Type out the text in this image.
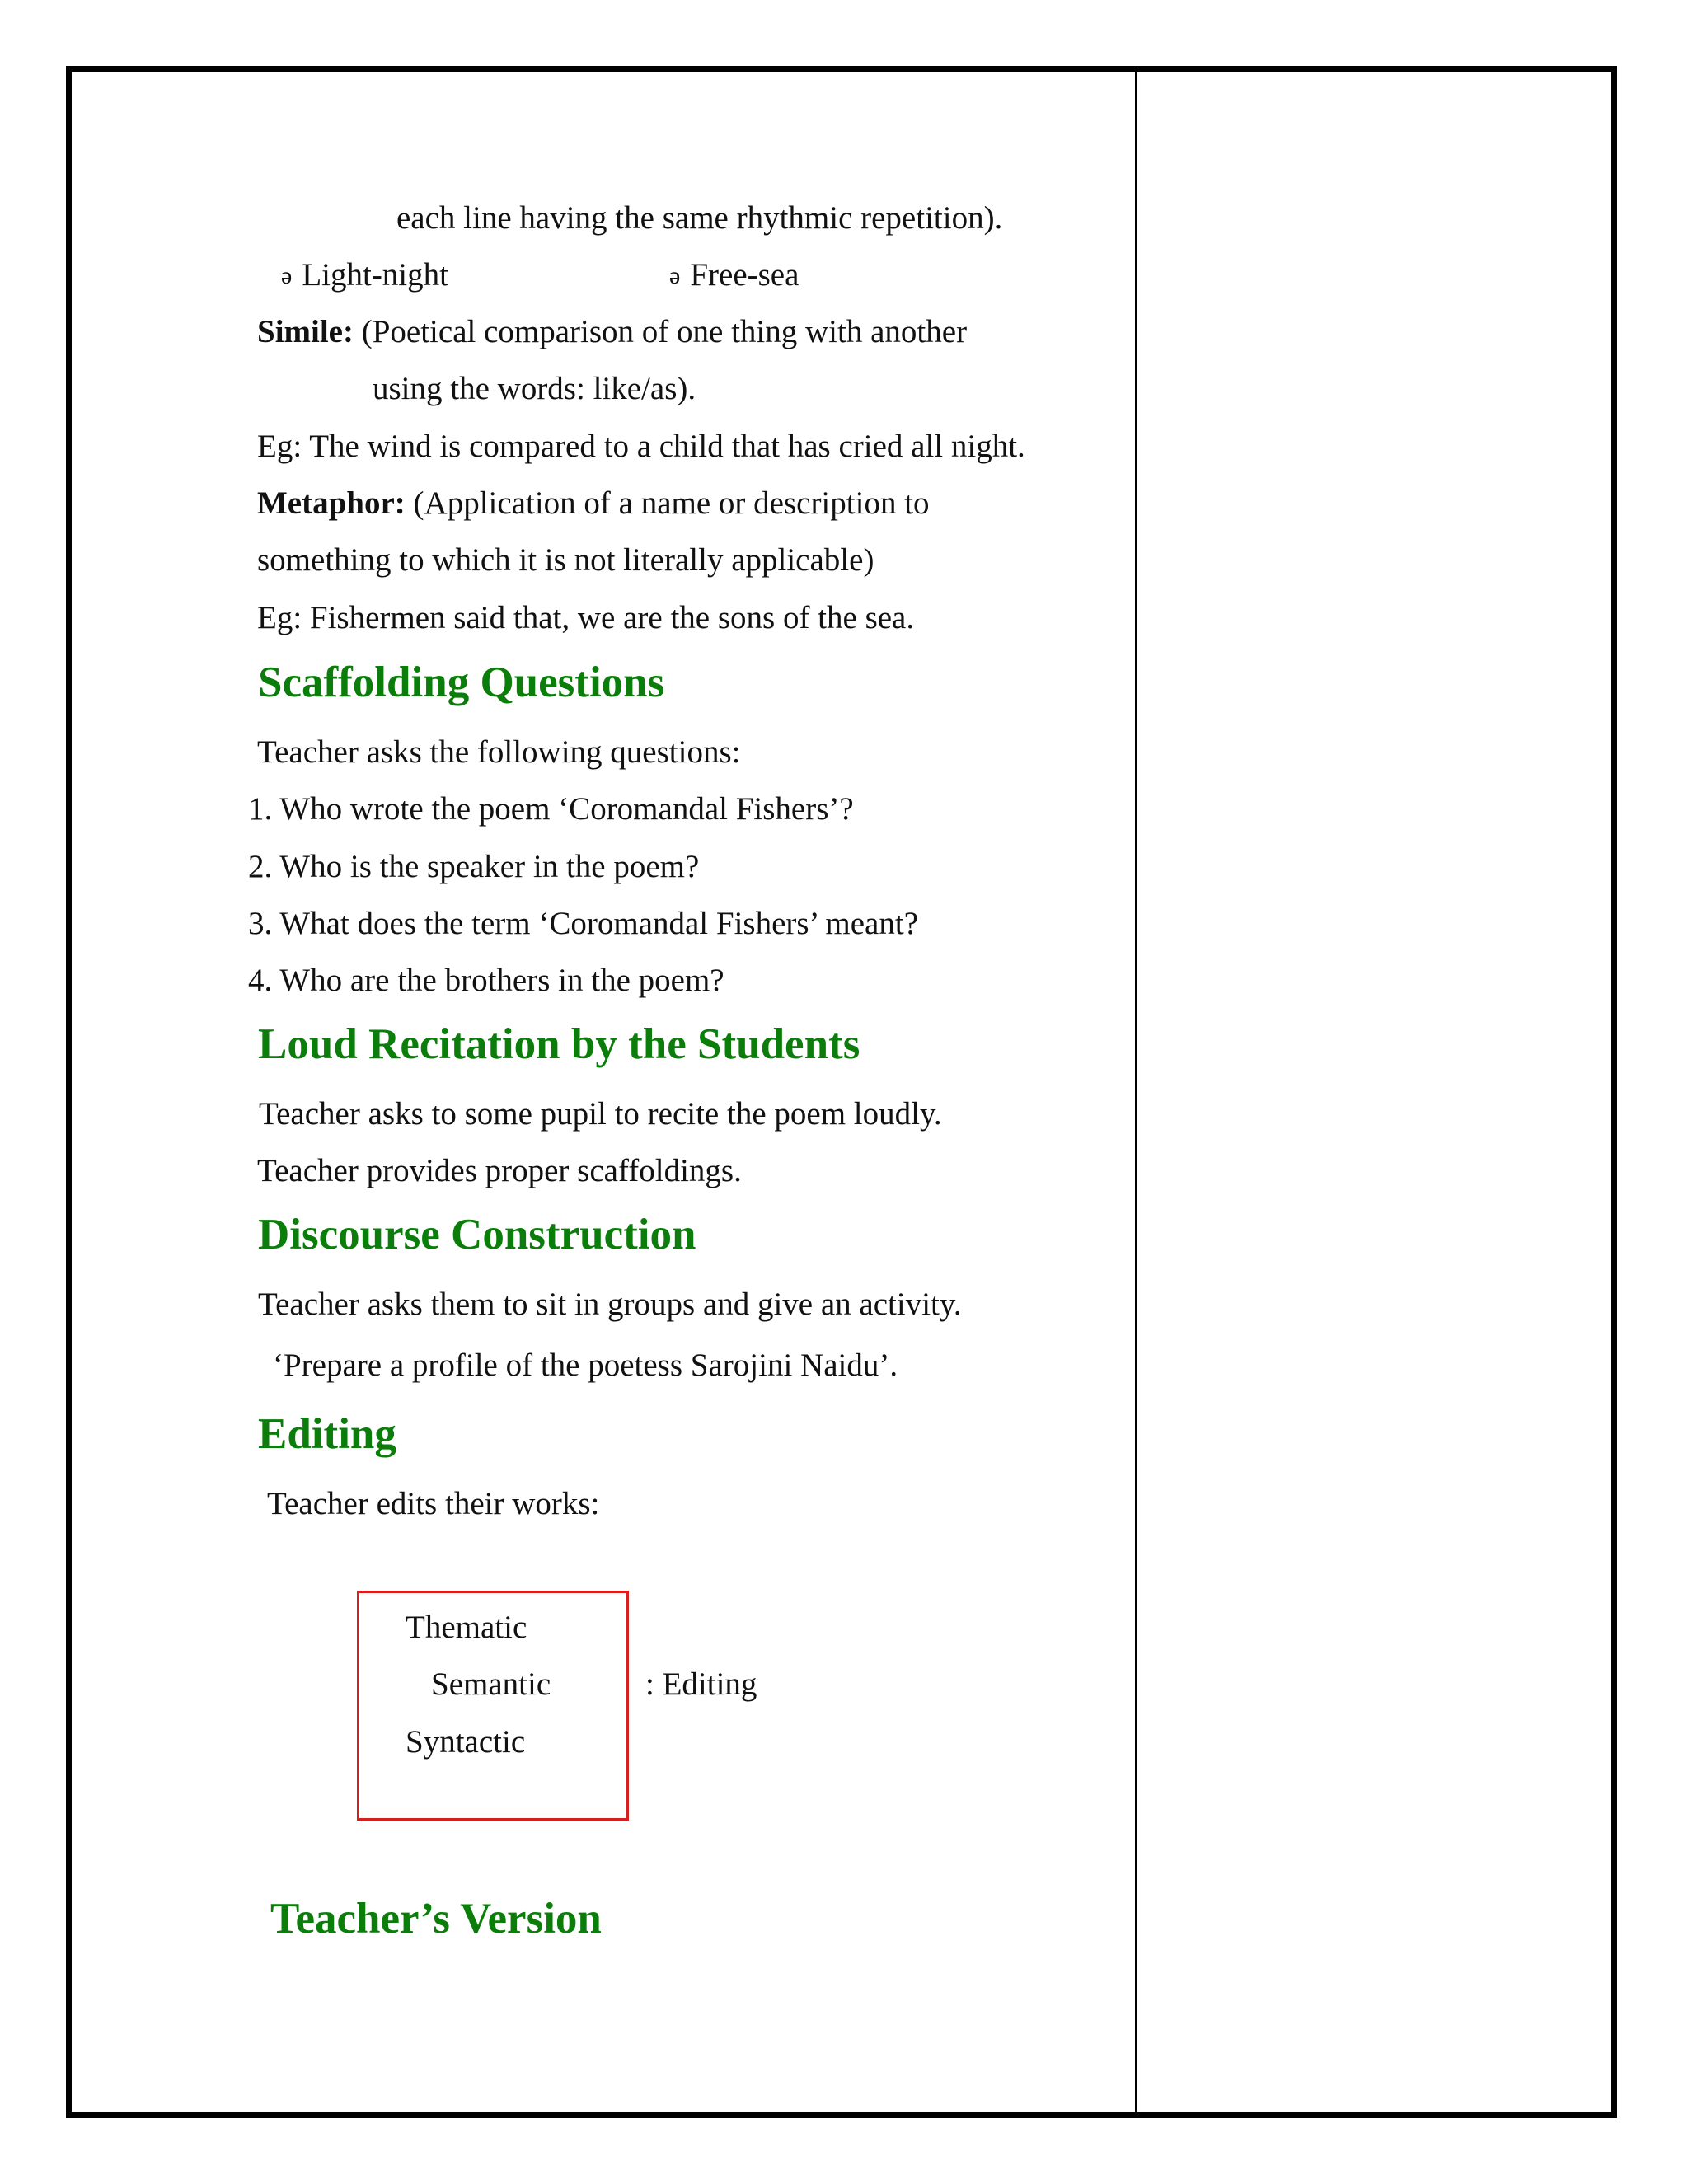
each line having the same rhythmic repetition).
ə Light-night	ə Free-sea
Simile: (Poetical comparison of one thing with another
using the words: like/as).
Eg: The wind is compared to a child that has cried all night.
Metaphor: (Application of a name or description to
something to which it is not literally applicable)
Eg: Fishermen said that, we are the sons of the sea.
Scaffolding Questions
Teacher asks the following questions:
1. Who wrote the poem ‘Coromandal Fishers’?
2. Who is the speaker in the poem?
3. What does the term ‘Coromandal Fishers’ meant?
4. Who are the brothers in the poem?
Loud Recitation by the Students
Teacher asks to some pupil to recite the poem loudly.
Teacher provides proper scaffoldings.
Discourse Construction
Teacher asks them to sit in groups and give an activity.
‘Prepare a profile of the poetess Sarojini Naidu’.
Editing
Teacher edits their works:
Thematic
Semantic
Syntactic
: Editing
Teacher’s Version
